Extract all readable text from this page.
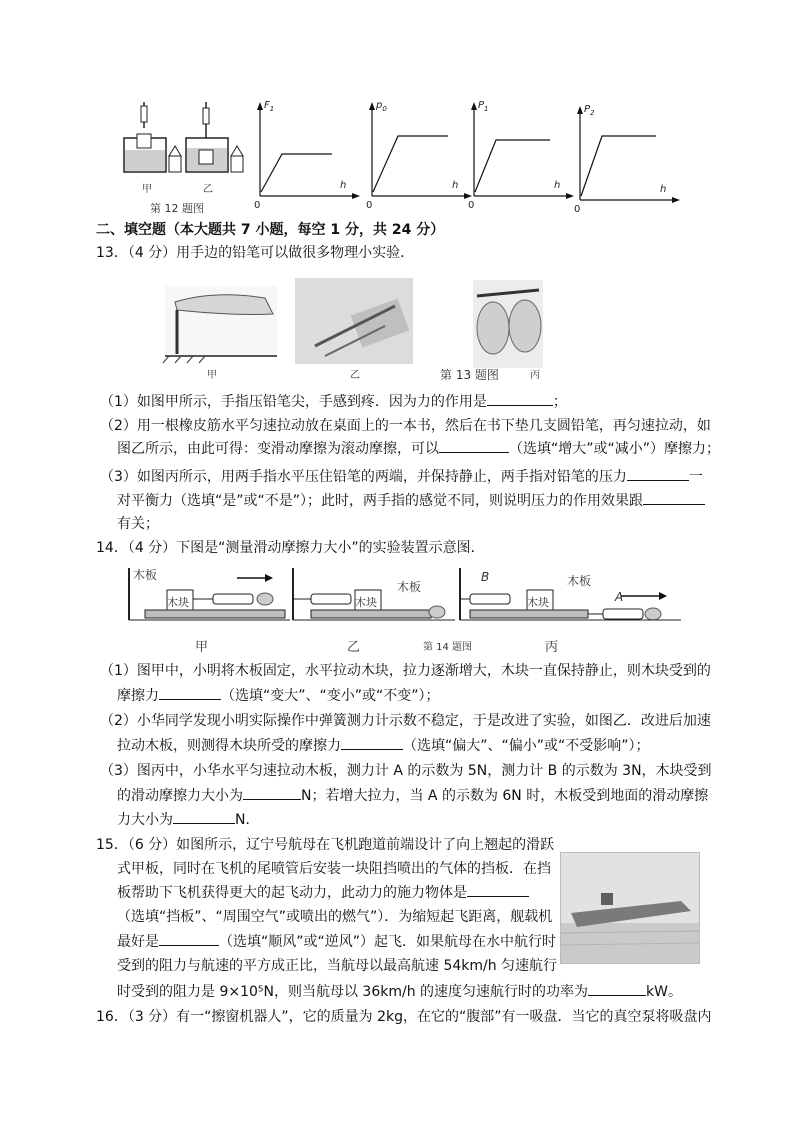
甲	乙
第 12 题图
$F_1$
h
0
$p_0$
h
0
$P_1$
h
0
$P_2$
h
0
二、填空题（本大题共 7 小题，每空 1 分，共 24 分）
13．（4 分）用手边的铅笔可以做很多物理小实验．
甲	乙	第 13 题图	丙
（1）如图甲所示，手指压铅笔尖，手感到疼．因为力的作用是	；
（2）用一根橡皮筋水平匀速拉动放在桌面上的一本书，然后在书下垫几支圆铅笔，再匀速拉动，如
图乙所示，由此可得：变滑动摩擦为滚动摩擦，可以	（选填“增大”或“减小”）摩擦力；
（3）如图丙所示，用两手指水平压住铅笔的两端，并保持静止，两手指对铅笔的压力	一
对平衡力（选填“是”或“不是”）；此时，两手指的感觉不同，则说明压力的作用效果跟
有关；
14．（4 分）下图是“测量滑动摩擦力大小”的实验装置示意图．
木板
木块	木块
木板
B
木块
木板
A
甲	乙	第 14 题图	丙
（1）图甲中，小明将木板固定，水平拉动木块，拉力逐渐增大，木块一直保持静止，则木块受到的
摩擦力	（选填“变大”、“变小”或“不变”）；
（2）小华同学发现小明实际操作中弹簧测力计示数不稳定，于是改进了实验，如图乙．改进后加速
拉动木板，则测得木块所受的摩擦力	（选填“偏大”、“偏小”或“不受影响”）；
（3）图丙中，小华水平匀速拉动木板，测力计 A 的示数为 5N，测力计 B 的示数为 3N，木块受到
的滑动摩擦力大小为	N；若增大拉力，当 A 的示数为 6N 时，木板受到地面的滑动摩擦
力大小为	N．
15．（6 分）如图所示，辽宁号航母在飞机跑道前端设计了向上翘起的滑跃
式甲板，同时在飞机的尾喷管后安装一块阻挡喷出的气体的挡板．在挡
板帮助下飞机获得更大的起飞动力，此动力的施力物体是
（选填“挡板”、“周围空气”或喷出的燃气”）．为缩短起飞距离，舰载机
最好是	（选填“顺风”或“逆风”）起飞．如果航母在水中航行时
受到的阻力与航速的平方成正比，当航母以最高航速 54km/h 匀速航行
时受到的阻力是 9×10⁵N，则当航母以 36km/h 的速度匀速航行时的功率为	kW。
16．（3 分）有一“擦窗机器人”，它的质量为 2kg，在它的“腹部”有一吸盘．当它的真空泵将吸盘内
